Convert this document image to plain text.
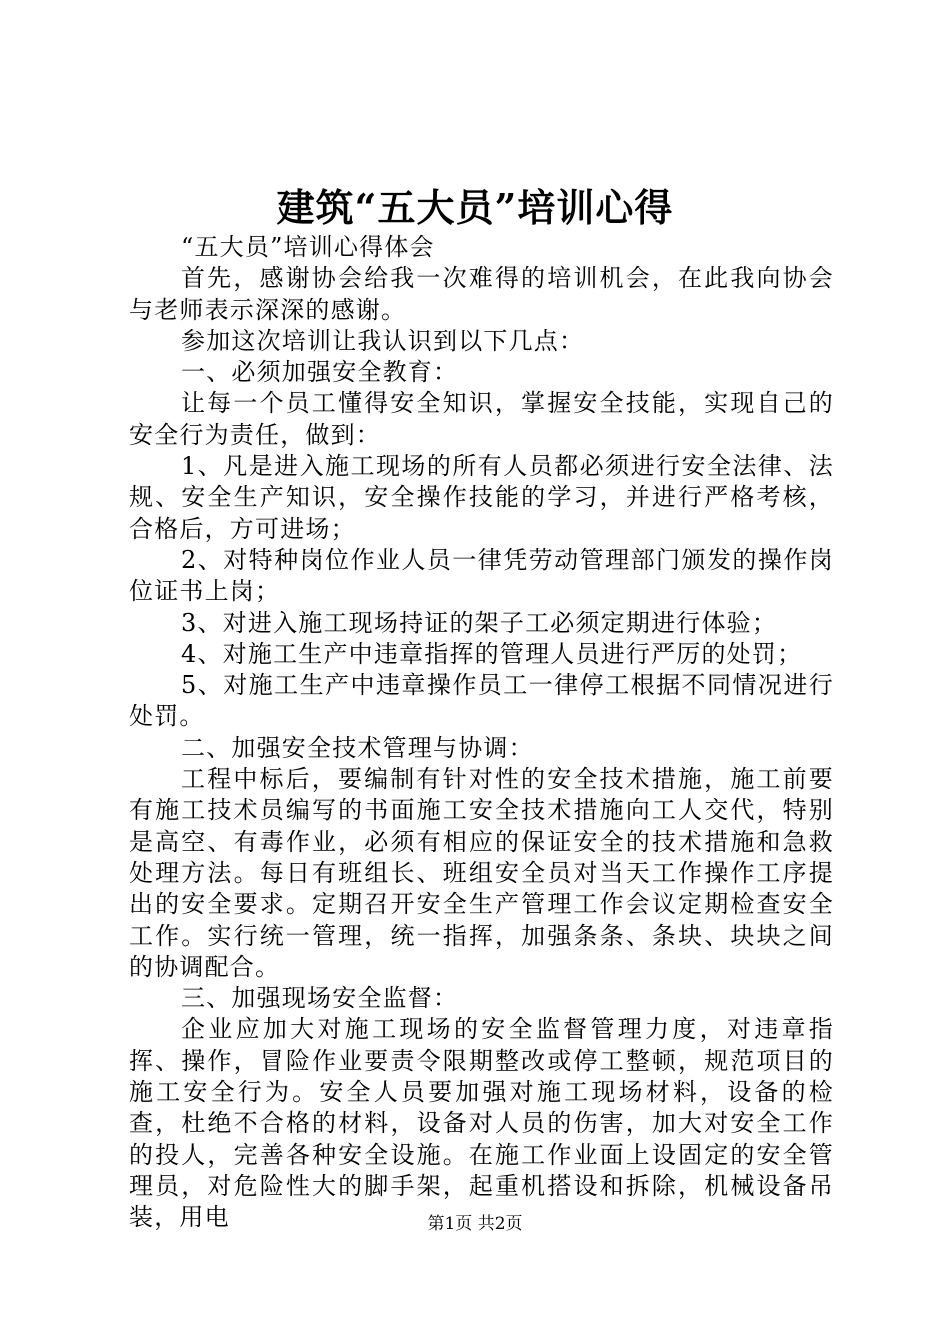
建筑“五大员”培训心得

“五大员”培训心得体会

首先，感谢协会给我一次难得的培训机会，在此我向协会与老师表示深深的感谢。

参加这次培训让我认识到以下几点：

一、必须加强安全教育：

让每一个员工懂得安全知识，掌握安全技能，实现自己的安全行为责任，做到：

1、凡是进入施工现场的所有人员都必须进行安全法律、法规、安全生产知识，安全操作技能的学习，并进行严格考核，合格后，方可进场；

2、对特种岗位作业人员一律凭劳动管理部门颁发的操作岗位证书上岗；

3、对进入施工现场持证的架子工必须定期进行体验；

4、对施工生产中违章指挥的管理人员进行严厉的处罚；

5、对施工生产中违章操作员工一律停工根据不同情况进行处罚。

二、加强安全技术管理与协调：

工程中标后，要编制有针对性的安全技术措施，施工前要有施工技术员编写的书面施工安全技术措施向工人交代，特别是高空、有毒作业，必须有相应的保证安全的技术措施和急救处理方法。每日有班组长、班组安全员对当天工作操作工序提出的安全要求。定期召开安全生产管理工作会议定期检查安全工作。实行统一管理，统一指挥，加强条条、条块、块块之间的协调配合。

三、加强现场安全监督：

企业应加大对施工现场的安全监督管理力度，对违章指挥、操作，冒险作业要责令限期整改或停工整顿，规范项目的施工安全行为。安全人员要加强对施工现场材料，设备的检查，杜绝不合格的材料，设备对人员的伤害，加大对安全工作的投人，完善各种安全设施。在施工作业面上设固定的安全管理员，对危险性大的脚手架，起重机搭设和拆除，机械设备吊装，用电	第1页 共2页
